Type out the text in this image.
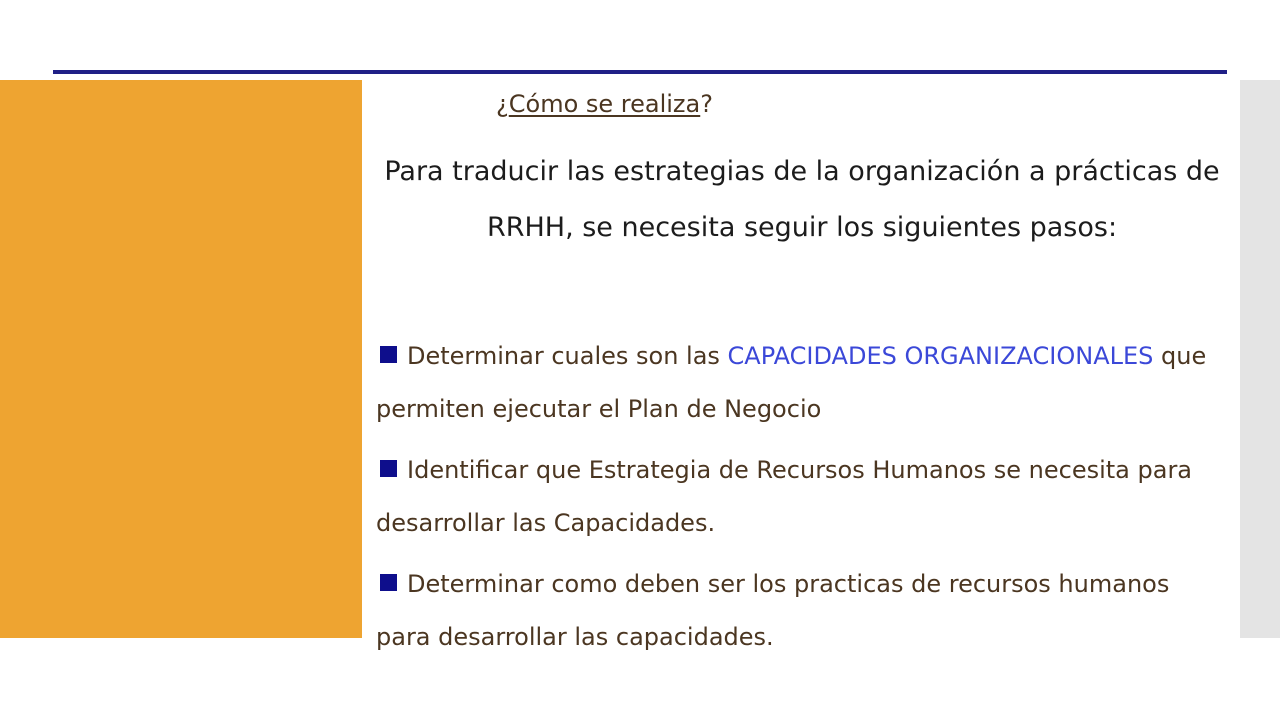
¿Cómo se realiza?
Para traducir las estrategias de la organización a prácticas de RRHH, se necesita seguir los siguientes pasos:
Determinar cuales son las CAPACIDADES ORGANIZACIONALES que permiten ejecutar el Plan de Negocio
Identificar que Estrategia de Recursos Humanos se necesita para desarrollar las Capacidades.
Determinar como deben ser los practicas de recursos humanos para desarrollar las capacidades.
